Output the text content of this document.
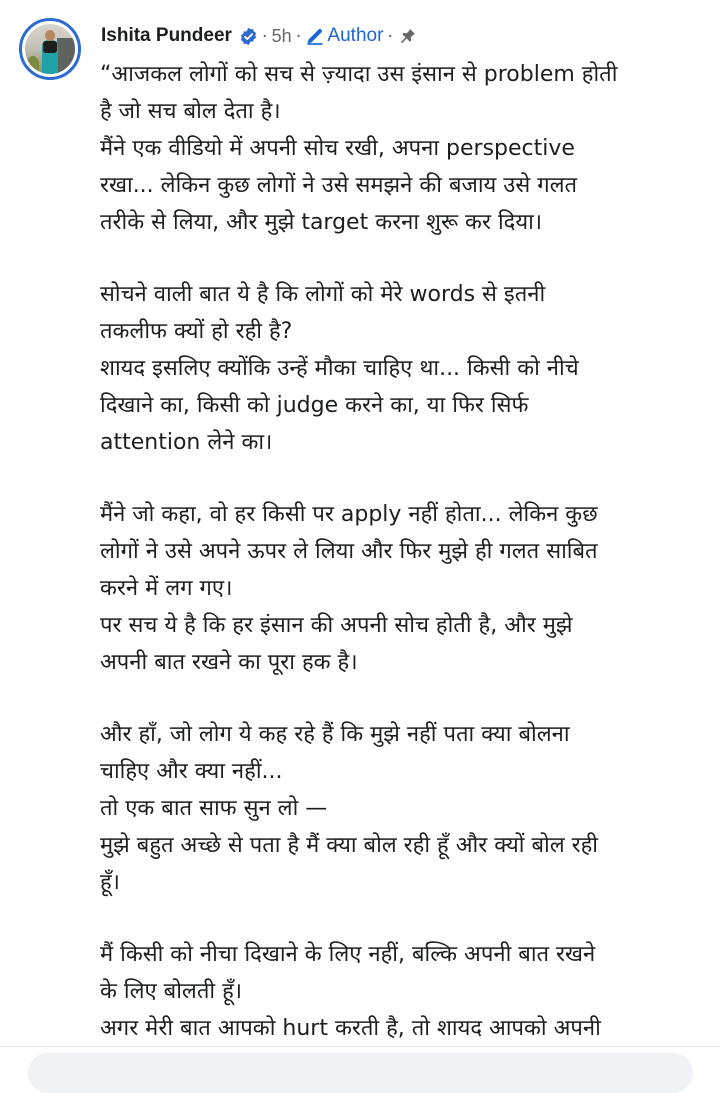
Ishita Pundeer · 5h · Author ·
“आजकल लोगों को सच से ज़्यादा उस इंसान से problem होती
है जो सच बोल देता है।
मैंने एक वीडियो में अपनी सोच रखी, अपना perspective
रखा... लेकिन कुछ लोगों ने उसे समझने की बजाय उसे गलत
तरीके से लिया, और मुझे target करना शुरू कर दिया।
सोचने वाली बात ये है कि लोगों को मेरे words से इतनी
तकलीफ क्यों हो रही है?
शायद इसलिए क्योंकि उन्हें मौका चाहिए था... किसी को नीचे
दिखाने का, किसी को judge करने का, या फिर सिर्फ
attention लेने का।
मैंने जो कहा, वो हर किसी पर apply नहीं होता... लेकिन कुछ
लोगों ने उसे अपने ऊपर ले लिया और फिर मुझे ही गलत साबित
करने में लग गए।
पर सच ये है कि हर इंसान की अपनी सोच होती है, और मुझे
अपनी बात रखने का पूरा हक है।
और हाँ, जो लोग ये कह रहे हैं कि मुझे नहीं पता क्या बोलना
चाहिए और क्या नहीं...
तो एक बात साफ सुन लो —
मुझे बहुत अच्छे से पता है मैं क्या बोल रही हूँ और क्यों बोल रही
हूँ।
मैं किसी को नीचा दिखाने के लिए नहीं, बल्कि अपनी बात रखने
के लिए बोलती हूँ।
अगर मेरी बात आपको hurt करती है, तो शायद आपको अपनी
